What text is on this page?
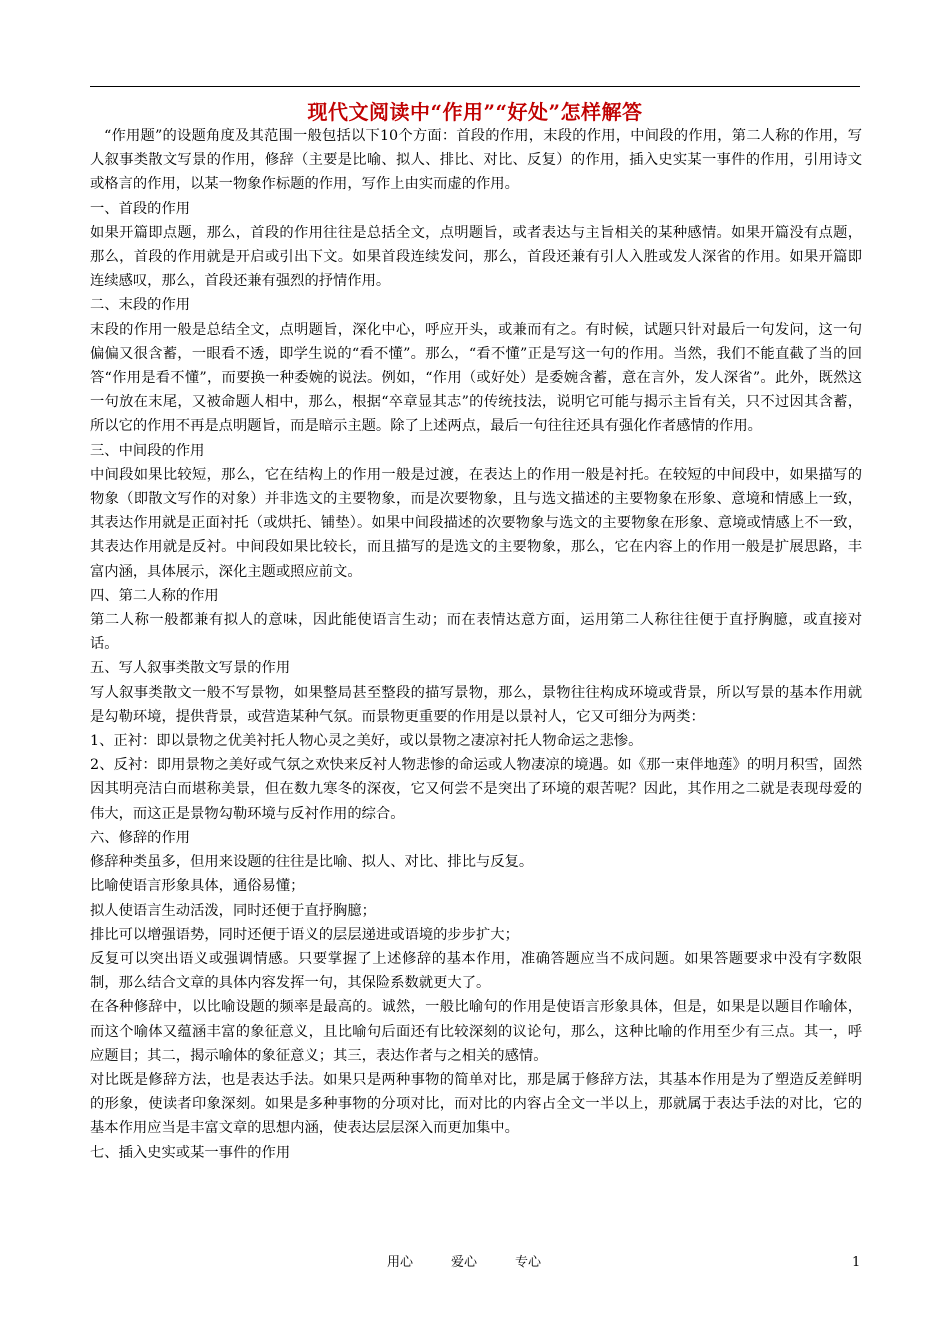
现代文阅读中“作用”“好处”怎样解答

“作用题”的设题角度及其范围一般包括以下10个方面：首段的作用，末段的作用，中间段的作用，第二人称的作用，写人叙事类散文写景的作用，修辞（主要是比喻、拟人、排比、对比、反复）的作用，插入史实某一事件的作用，引用诗文或格言的作用，以某一物象作标题的作用，写作上由实而虚的作用。

一、首段的作用

如果开篇即点题，那么，首段的作用往往是总括全文，点明题旨，或者表达与主旨相关的某种感情。如果开篇没有点题，那么，首段的作用就是开启或引出下文。如果首段连续发问，那么，首段还兼有引人入胜或发人深省的作用。如果开篇即连续感叹，那么，首段还兼有强烈的抒情作用。

二、末段的作用

末段的作用一般是总结全文，点明题旨，深化中心，呼应开头，或兼而有之。有时候，试题只针对最后一句发问，这一句偏偏又很含蓄，一眼看不透，即学生说的“看不懂”。那么，“看不懂”正是写这一句的作用。当然，我们不能直截了当的回答“作用是看不懂”，而要换一种委婉的说法。例如，“作用（或好处）是委婉含蓄，意在言外，发人深省”。此外，既然这一句放在末尾，又被命题人相中，那么，根据“卒章显其志”的传统技法，说明它可能与揭示主旨有关，只不过因其含蓄，所以它的作用不再是点明题旨，而是暗示主题。除了上述两点，最后一句往往还具有强化作者感情的作用。

三、中间段的作用

中间段如果比较短，那么，它在结构上的作用一般是过渡，在表达上的作用一般是衬托。在较短的中间段中，如果描写的物象（即散文写作的对象）并非选文的主要物象，而是次要物象，且与选文描述的主要物象在形象、意境和情感上一致，其表达作用就是正面衬托（或烘托、铺垫）。如果中间段描述的次要物象与选文的主要物象在形象、意境或情感上不一致，其表达作用就是反衬。中间段如果比较长，而且描写的是选文的主要物象，那么，它在内容上的作用一般是扩展思路，丰富内涵，具体展示，深化主题或照应前文。

四、第二人称的作用

第二人称一般都兼有拟人的意味，因此能使语言生动；而在表情达意方面，运用第二人称往往便于直抒胸臆，或直接对话。

五、写人叙事类散文写景的作用

写人叙事类散文一般不写景物，如果整局甚至整段的描写景物，那么，景物往往构成环境或背景，所以写景的基本作用就是勾勒环境，提供背景，或营造某种气氛。而景物更重要的作用是以景衬人，它又可细分为两类：

1、正衬：即以景物之优美衬托人物心灵之美好，或以景物之凄凉衬托人物命运之悲惨。

2、反衬：即用景物之美好或气氛之欢快来反衬人物悲惨的命运或人物凄凉的境遇。如《那一束伴地莲》的明月积雪，固然因其明亮洁白而堪称美景，但在数九寒冬的深夜，它又何尝不是突出了环境的艰苦呢？因此，其作用之二就是表现母爱的伟大，而这正是景物勾勒环境与反衬作用的综合。

六、修辞的作用

修辞种类虽多，但用来设题的往往是比喻、拟人、对比、排比与反复。

比喻使语言形象具体，通俗易懂；

拟人使语言生动活泼，同时还便于直抒胸臆；

排比可以增强语势，同时还便于语义的层层递进或语境的步步扩大；

反复可以突出语义或强调情感。只要掌握了上述修辞的基本作用，准确答题应当不成问题。如果答题要求中没有字数限制，那么结合文章的具体内容发挥一句，其保险系数就更大了。

在各种修辞中，以比喻设题的频率是最高的。诚然，一般比喻句的作用是使语言形象具体，但是，如果是以题目作喻体，而这个喻体又蕴涵丰富的象征意义，且比喻句后面还有比较深刻的议论句，那么，这种比喻的作用至少有三点。其一，呼应题目；其二，揭示喻体的象征意义；其三，表达作者与之相关的感情。

对比既是修辞方法，也是表达手法。如果只是两种事物的简单对比，那是属于修辞方法，其基本作用是为了塑造反差鲜明的形象，使读者印象深刻。如果是多种事物的分项对比，而对比的内容占全文一半以上，那就属于表达手法的对比，它的基本作用应当是丰富文章的思想内涵，使表达层层深入而更加集中。

七、插入史实或某一事件的作用

用心	爱心	专心	1
